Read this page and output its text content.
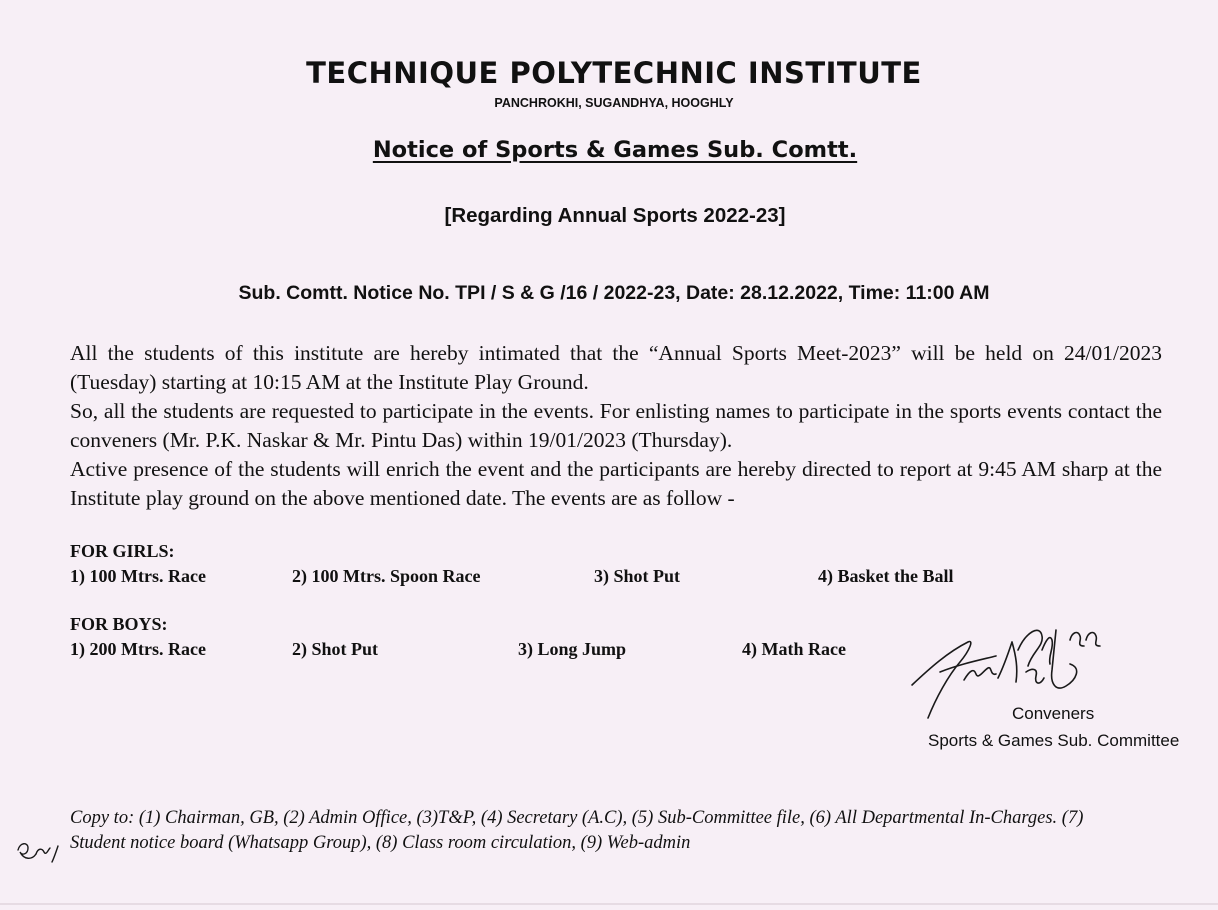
TECHNIQUE POLYTECHNIC INSTITUTE
PANCHROKHI, SUGANDHYA, HOOGHLY
Notice of Sports & Games Sub. Comtt.
[Regarding Annual Sports 2022-23]
Sub. Comtt. Notice No. TPI / S & G /16 / 2022-23, Date: 28.12.2022, Time: 11:00 AM
All the students of this institute are hereby intimated that the “Annual Sports Meet-2023” will be held on 24/01/2023 (Tuesday) starting at 10:15 AM at the Institute Play Ground.
So, all the students are requested to participate in the events. For enlisting names to participate in the sports events contact the conveners (Mr. P.K. Naskar & Mr. Pintu Das) within 19/01/2023 (Thursday).
Active presence of the students will enrich the event and the participants are hereby directed to report at 9:45 AM sharp at the Institute play ground on the above mentioned date. The events are as follow -
FOR GIRLS:
1) 100 Mtrs. Race	2) 100 Mtrs. Spoon Race	3) Shot Put	4) Basket the Ball
FOR BOYS:
1) 200 Mtrs. Race	2) Shot Put	3) Long Jump	4) Math Race
Conveners
Sports & Games Sub. Committee
Copy to: (1) Chairman, GB, (2) Admin Office, (3)T&P, (4) Secretary (A.C), (5) Sub-Committee file, (6) All Departmental In-Charges. (7) Student notice board (Whatsapp Group), (8) Class room circulation, (9) Web-admin
